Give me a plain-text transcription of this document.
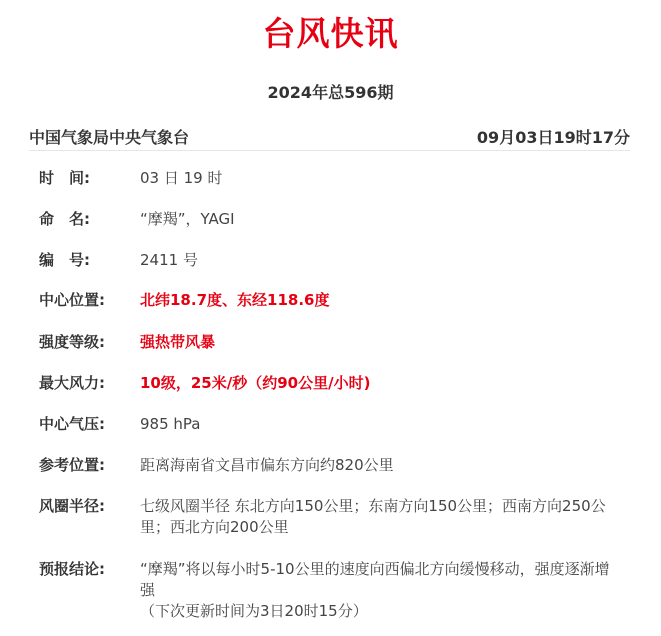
台风快讯
2024年总596期
中国气象局中央气象台	09月03日19时17分
时　间:	03 日 19 时
命　名:	“摩羯”，YAGI
编　号:	2411 号
中心位置:	北纬18.7度、东经118.6度
强度等级:	强热带风暴
最大风力:	10级，25米/秒（约90公里/小时)
中心气压:	985 hPa
参考位置:	距离海南省文昌市偏东方向约820公里
风圈半径:	七级风圈半径 东北方向150公里；东南方向150公里；西南方向250公里；西北方向200公里
预报结论:	“摩羯”将以每小时5-10公里的速度向西偏北方向缓慢移动，强度逐渐增强
（下次更新时间为3日20时15分）
